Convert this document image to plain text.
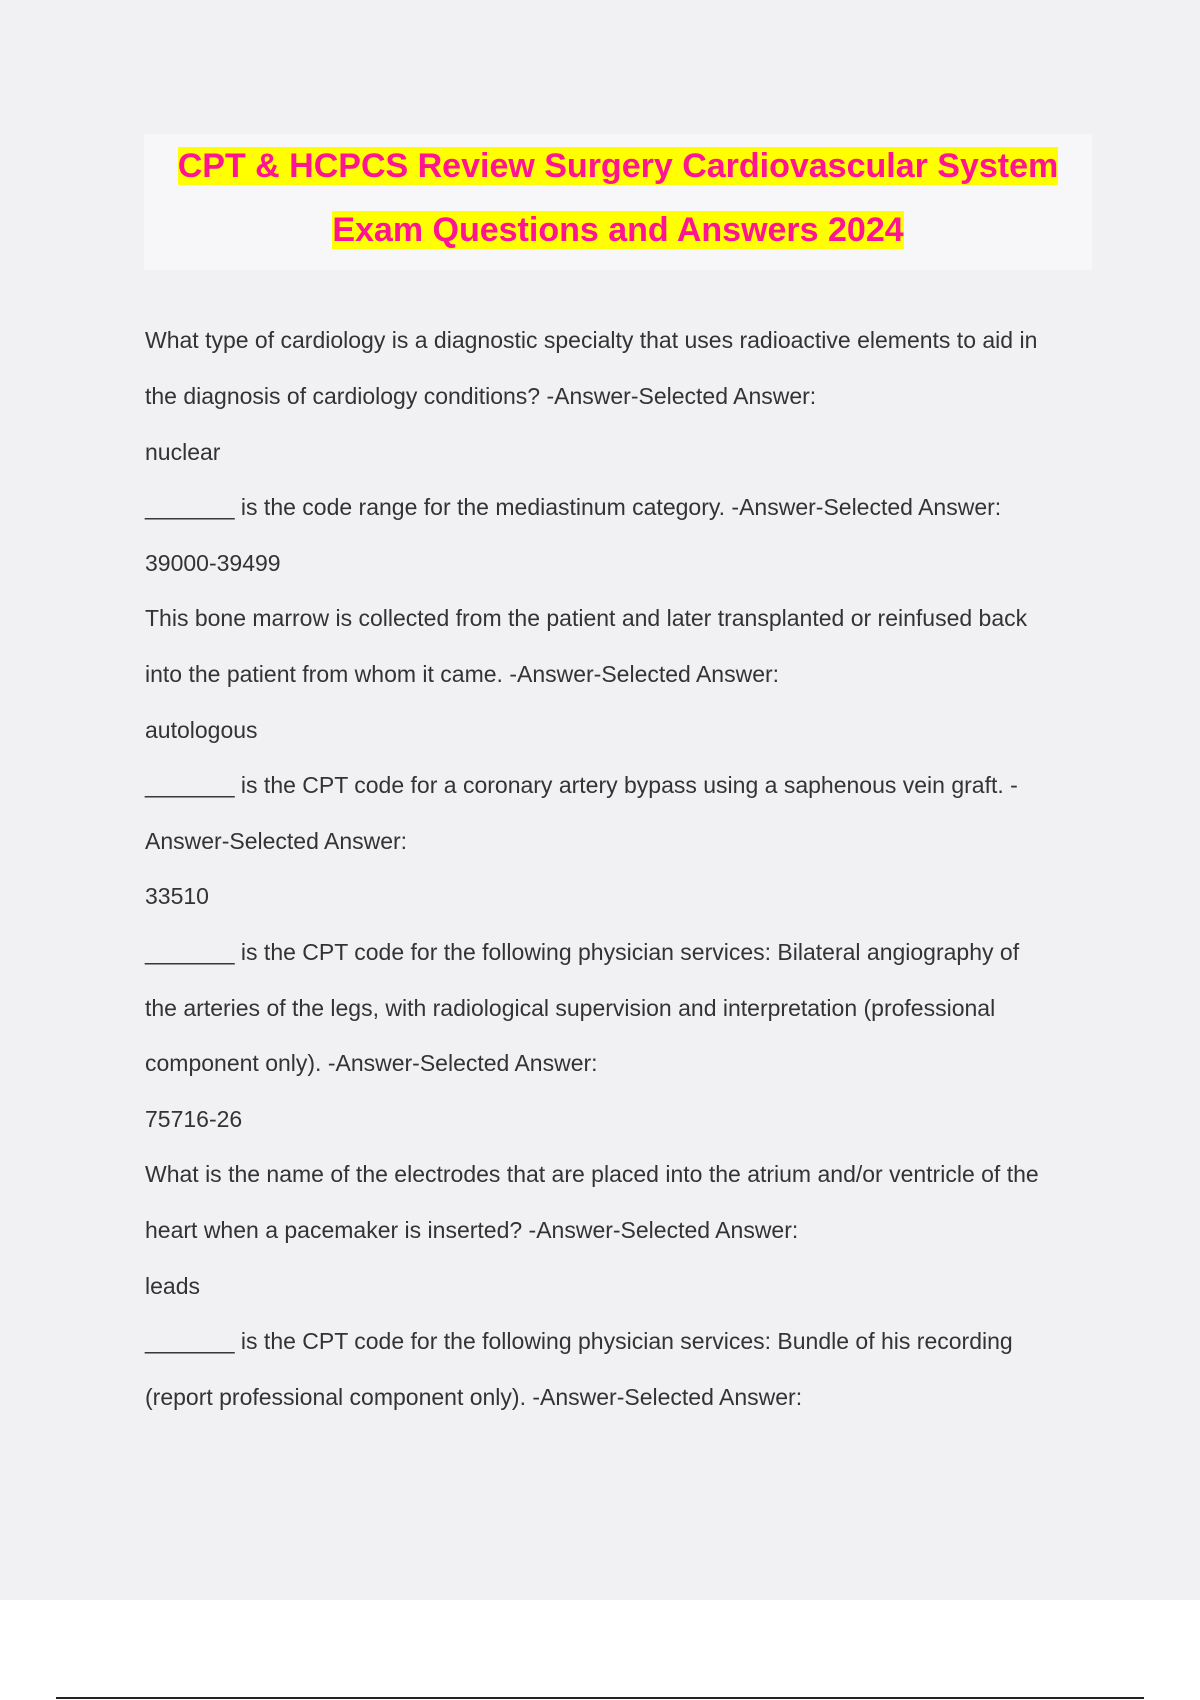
CPT & HCPCS Review Surgery Cardiovascular System
Exam Questions and Answers 2024
What type of cardiology is a diagnostic specialty that uses radioactive elements to aid in
the diagnosis of cardiology conditions? -Answer-Selected Answer:
nuclear
_______ is the code range for the mediastinum category. -Answer-Selected Answer:
39000-39499
This bone marrow is collected from the patient and later transplanted or reinfused back
into the patient from whom it came. -Answer-Selected Answer:
autologous
_______ is the CPT code for a coronary artery bypass using a saphenous vein graft. -
Answer-Selected Answer:
33510
_______ is the CPT code for the following physician services: Bilateral angiography of
the arteries of the legs, with radiological supervision and interpretation (professional
component only). -Answer-Selected Answer:
75716-26
What is the name of the electrodes that are placed into the atrium and/or ventricle of the
heart when a pacemaker is inserted? -Answer-Selected Answer:
leads
_______ is the CPT code for the following physician services: Bundle of his recording
(report professional component only). -Answer-Selected Answer:
